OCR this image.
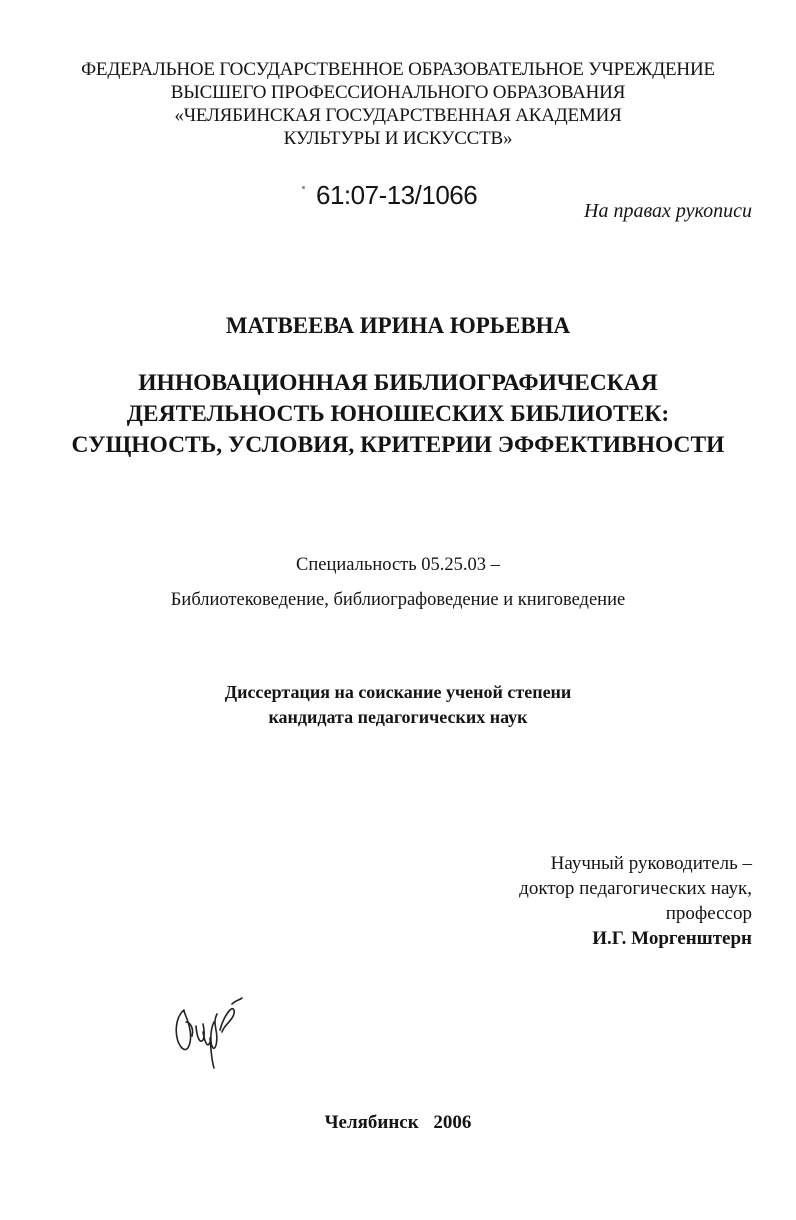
ФЕДЕРАЛЬНОЕ ГОСУДАРСТВЕННОЕ ОБРАЗОВАТЕЛЬНОЕ УЧРЕЖДЕНИЕ
ВЫСШЕГО ПРОФЕССИОНАЛЬНОГО ОБРАЗОВАНИЯ
«ЧЕЛЯБИНСКАЯ ГОСУДАРСТВЕННАЯ АКАДЕМИЯ
КУЛЬТУРЫ И ИСКУССТВ»
61:07-13/1066
На правах рукописи
МАТВЕЕВА ИРИНА ЮРЬЕВНА
ИННОВАЦИОННАЯ БИБЛИОГРАФИЧЕСКАЯ
ДЕЯТЕЛЬНОСТЬ ЮНОШЕСКИХ БИБЛИОТЕК:
СУЩНОСТЬ, УСЛОВИЯ, КРИТЕРИИ ЭФФЕКТИВНОСТИ
Специальность 05.25.03 –
Библиотековедение, библиографоведение и книговедение
Диссертация на соискание ученой степени
кандидата педагогических наук
Научный руководитель –
доктор педагогических наук,
профессор
И.Г. Моргенштерн
Челябинск 2006
